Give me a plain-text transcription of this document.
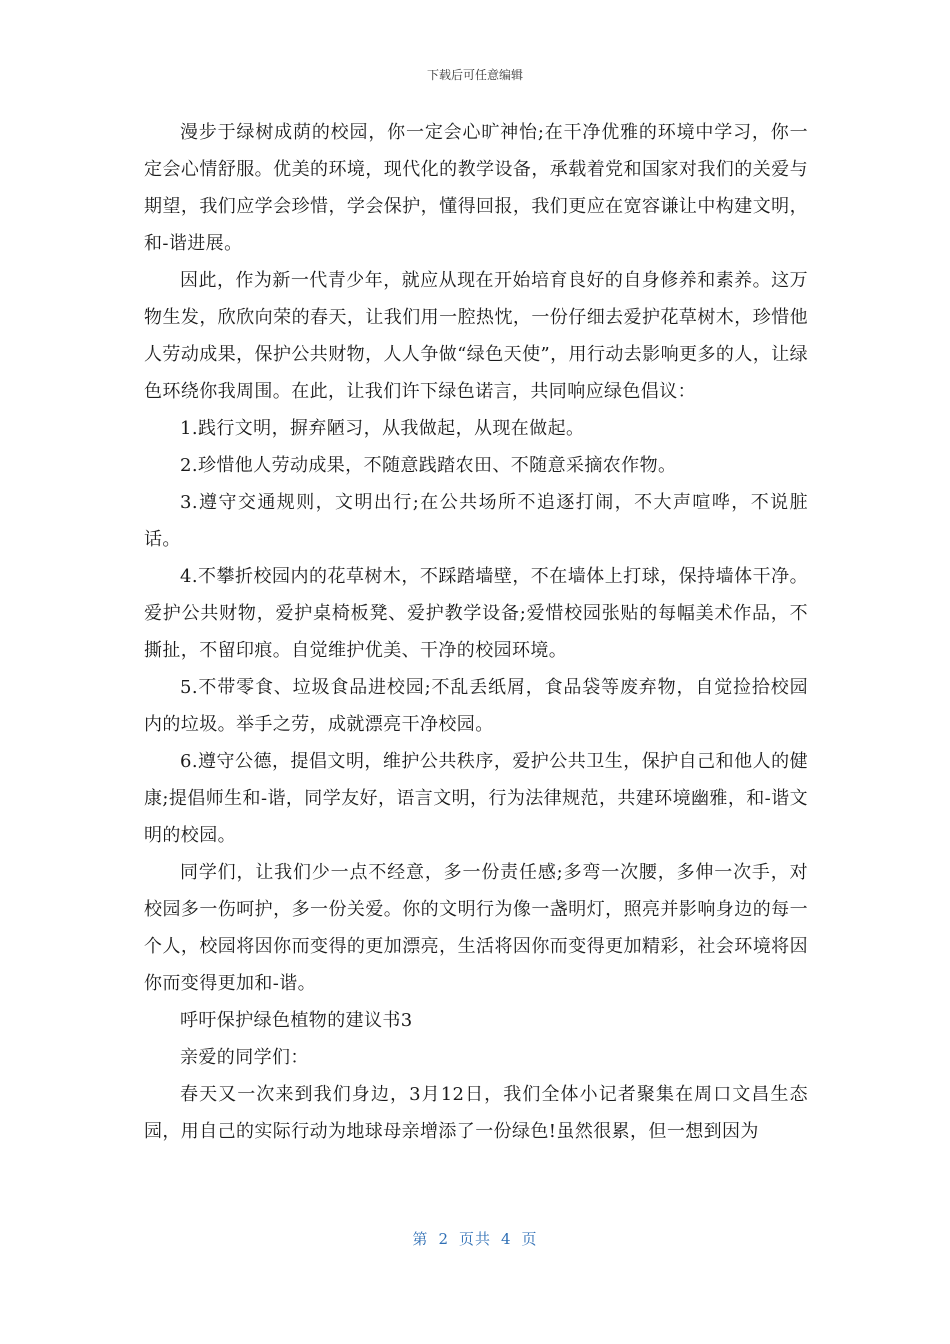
下载后可任意编辑

漫步于绿树成荫的校园，你一定会心旷神怡;在干净优雅的环境中学习，你一定会心情舒服。优美的环境，现代化的教学设备，承载着党和国家对我们的关爱与期望，我们应学会珍惜，学会保护，懂得回报，我们更应在宽容谦让中构建文明，和-谐进展。

因此，作为新一代青少年，就应从现在开始培育良好的自身修养和素养。这万物生发，欣欣向荣的春天，让我们用一腔热忱，一份仔细去爱护花草树木，珍惜他人劳动成果，保护公共财物，人人争做“绿色天使”，用行动去影响更多的人，让绿色环绕你我周围。在此，让我们许下绿色诺言，共同响应绿色倡议：

1.践行文明，摒弃陋习，从我做起，从现在做起。

2.珍惜他人劳动成果，不随意践踏农田、不随意采摘农作物。

3.遵守交通规则，文明出行;在公共场所不追逐打闹，不大声喧哗，不说脏话。

4.不攀折校园内的花草树木，不踩踏墙壁，不在墙体上打球，保持墙体干净。爱护公共财物，爱护桌椅板凳、爱护教学设备;爱惜校园张贴的每幅美术作品，不撕扯，不留印痕。自觉维护优美、干净的校园环境。

5.不带零食、垃圾食品进校园;不乱丢纸屑，食品袋等废弃物，自觉捡拾校园内的垃圾。举手之劳，成就漂亮干净校园。

6.遵守公德，提倡文明，维护公共秩序，爱护公共卫生，保护自己和他人的健康;提倡师生和-谐，同学友好，语言文明，行为法律规范，共建环境幽雅，和-谐文明的校园。

同学们，让我们少一点不经意，多一份责任感;多弯一次腰，多伸一次手，对校园多一伤呵护，多一份关爱。你的文明行为像一盏明灯，照亮并影响身边的每一个人，校园将因你而变得的更加漂亮，生活将因你而变得更加精彩，社会环境将因你而变得更加和-谐。

呼吁保护绿色植物的建议书3

亲爱的同学们：

春天又一次来到我们身边，3月12日，我们全体小记者聚集在周口文昌生态园，用自己的实际行动为地球母亲增添了一份绿色!虽然很累，但一想到因为

第 2 页共 4 页
